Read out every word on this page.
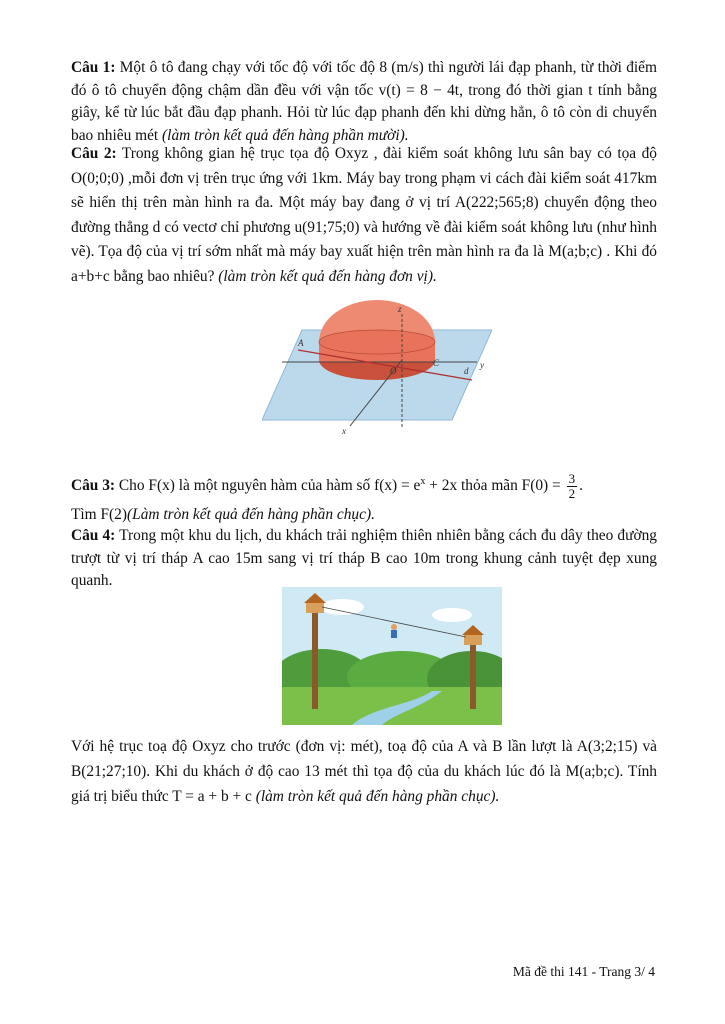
Câu 1: Một ô tô đang chạy với tốc độ với tốc độ 8 (m/s) thì người lái đạp phanh, từ thời điểm đó ô tô chuyển động chậm dần đều với vận tốc v(t) = 8 − 4t, trong đó thời gian t tính bằng giây, kể từ lúc bắt đầu đạp phanh. Hỏi từ lúc đạp phanh đến khi dừng hẳn, ô tô còn di chuyển bao nhiêu mét (làm tròn kết quả đến hàng phần mười).
Câu 2: Trong không gian hệ trục tọa độ Oxyz , đài kiểm soát không lưu sân bay có tọa độ O(0;0;0) ,mỗi đơn vị trên trục ứng với 1km. Máy bay trong phạm vi cách đài kiểm soát 417km sẽ hiển thị trên màn hình ra đa. Một máy bay đang ở vị trí A(222;565;8) chuyển động theo đường thẳng d có vectơ chỉ phương u(91;75;0) và hướng về đài kiểm soát không lưu (như hình vẽ). Tọa độ của vị trí sớm nhất mà máy bay xuất hiện trên màn hình ra đa là M(a;b;c) . Khi đó a+b+c bằng bao nhiêu? (làm tròn kết quả đến hàng đơn vị).
z
y
x
O
A
C
d
Câu 3: Cho F(x) là một nguyên hàm của hàm số $f(x) = e^x + 2x$ thỏa mãn $F(0) = \frac{3}{2}$ .
Tìm F(2)(Làm tròn kết quả đến hàng phần chục).
Câu 4: Trong một khu du lịch, du khách trải nghiệm thiên nhiên bằng cách đu dây theo đường trượt từ vị trí tháp A cao 15m sang vị trí tháp B cao 10m trong khung cảnh tuyệt đẹp xung quanh.
Với hệ trục toạ độ Oxyz cho trước (đơn vị: mét), toạ độ của A và B lần lượt là A(3;2;15) và B(21;27;10). Khi du khách ở độ cao 13 mét thì tọa độ của du khách lúc đó là M(a;b;c). Tính giá trị biểu thức T = a + b + c (làm tròn kết quả đến hàng phần chục).
Mã đề thi 141 - Trang 3/ 4
